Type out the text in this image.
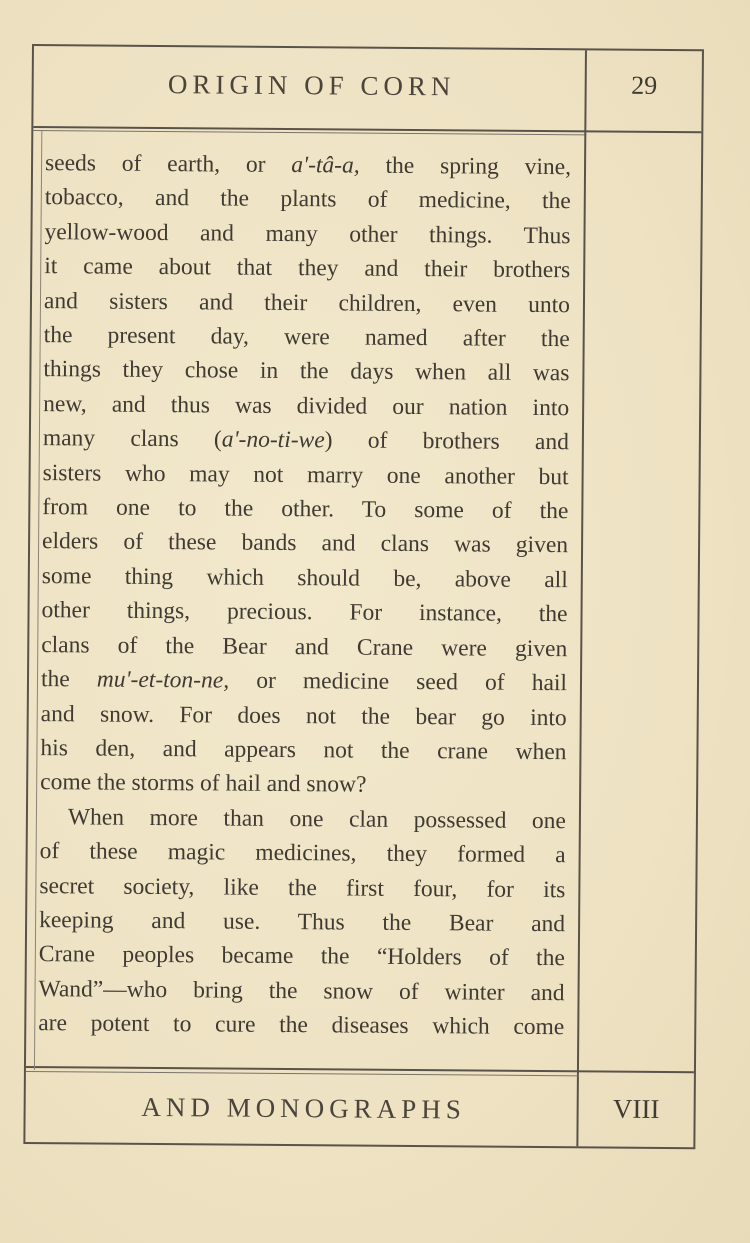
ORIGIN OF CORN	29
seeds of earth, or a'-tâ-a, the spring vine,
tobacco, and the plants of medicine, the
yellow-wood and many other things. Thus
it came about that they and their brothers
and sisters and their children, even unto
the present day, were named after the
things they chose in the days when all was
new, and thus was divided our nation into
many clans (a'-no-ti-we) of brothers and
sisters who may not marry one another but
from one to the other. To some of the
elders of these bands and clans was given
some thing which should be, above all
other things, precious. For instance, the
clans of the Bear and Crane were given
the mu'-et-ton-ne, or medicine seed of hail
and snow. For does not the bear go into
his den, and appears not the crane when
come the storms of hail and snow?
When more than one clan possessed one
of these magic medicines, they formed a
secret society, like the first four, for its
keeping and use. Thus the Bear and
Crane peoples became the “Holders of the
Wand”—who bring the snow of winter and
are potent to cure the diseases which come
AND MONOGRAPHS	VIII
